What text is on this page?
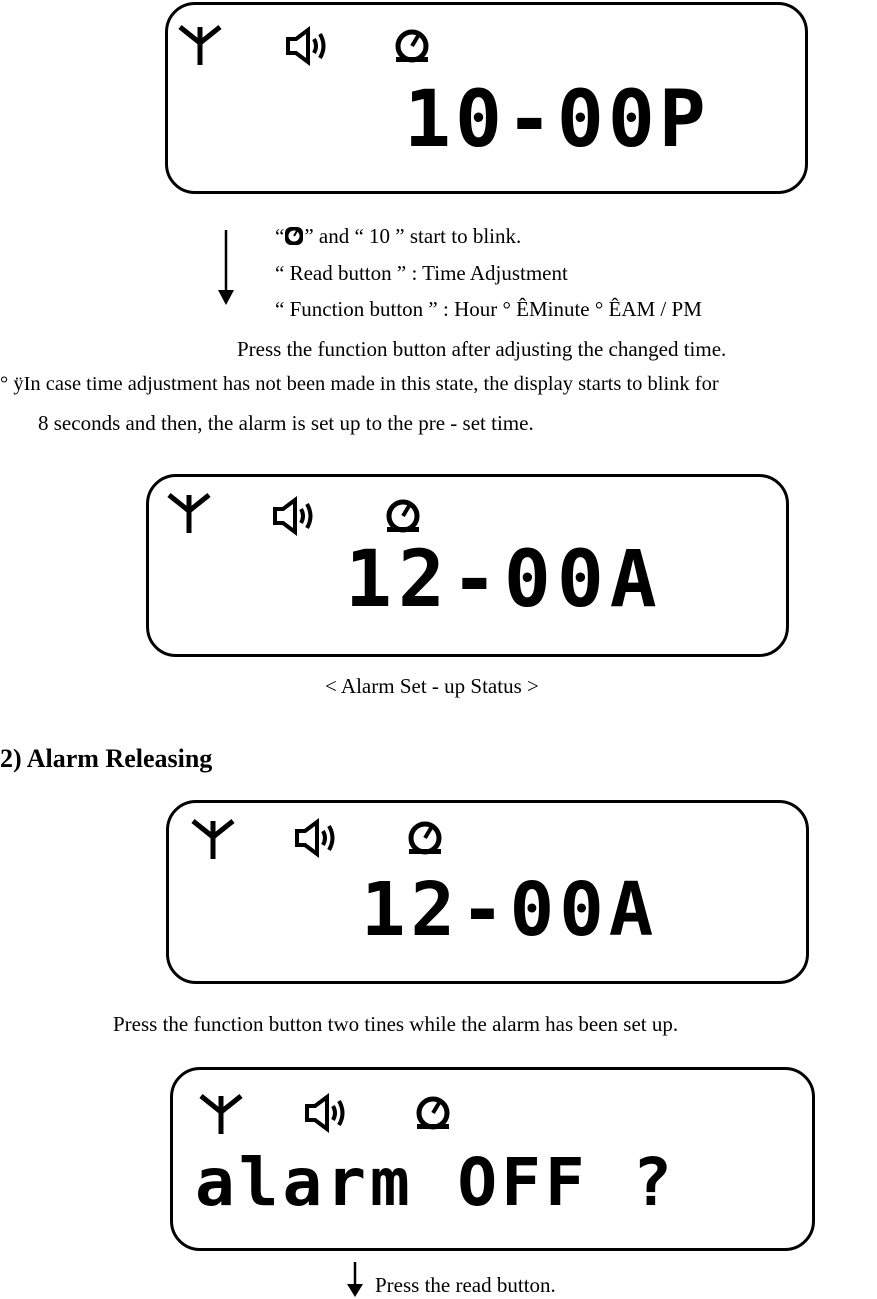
10-00P
“ ” and “ 10 ” start to blink.
“ Read button ” : Time Adjustment
“ Function button ” : Hour ° ÊMinute ° ÊAM / PM
Press the function button after adjusting the changed time.
° ÿIn case time adjustment has not been made in this state, the display starts to blink for
8 seconds and then, the alarm is set up to the pre - set time.
12-00A
< Alarm Set - up Status >
2) Alarm Releasing
12-00A
Press the function button two tines while the alarm has been set up.
alarm OFF ?
Press the read button.
